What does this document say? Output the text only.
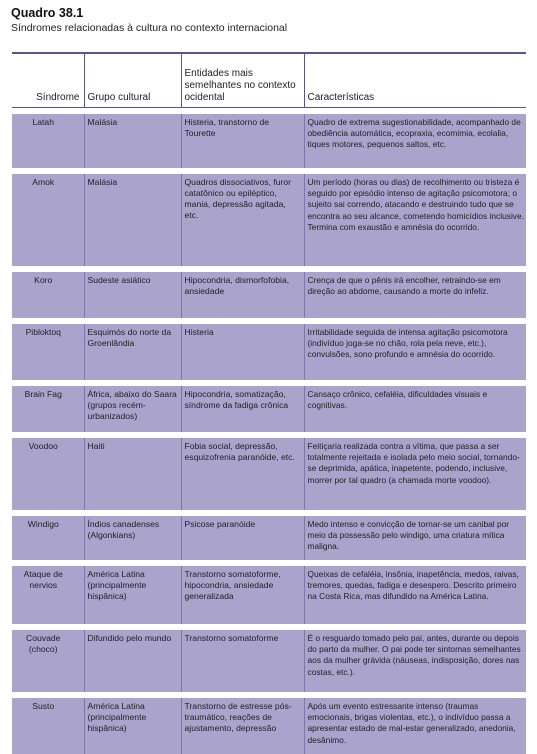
Quadro 38.1
Síndromes relacionadas à cultura no contexto internacional
Síndrome	Grupo cultural	Entidades mais semelhantes no contexto ocidental	Características

Latah	Malásia	Histeria, transtorno de Tourette	Quadro de extrema sugestionabilidade, acompanhado de obediência automática, ecopraxia, ecomimia, ecolalia, tiques motores, pequenos saltos, etc.

Amok	Malásia	Quadros dissociativos, furor catatônico ou epiléptico, mania, depressão agitada, etc.	Um período (horas ou dias) de recolhimento ou tristeza é seguido por episódio intenso de agitação psicomotora; o sujeito sai correndo, atacando e destruindo tudo que se encontra ao seu alcance, cometendo homicídios inclusive. Termina com exaustão e amnésia do ocorrido.

Koro	Sudeste asiático	Hipocondria, dismorfofobia, ansiedade	Crença de que o pênis irá encolher, retraindo-se em direção ao abdome, causando a morte do infeliz.

Pibloktoq	Esquimós do norte da Groenlândia	Histeria	Irritabilidade seguida de intensa agitação psicomotora (indivíduo joga-se no chão, rola pela neve, etc.), convulsões, sono profundo e amnésia do ocorrido.

Brain Fag	África, abaixo do Saara (grupos recém-urbanizados)	Hipocondria, somatização, síndrome da fadiga crônica	Cansaço crônico, cefaléia, dificuldades visuais e cognitivas.

Voodoo	Haiti	Fobia social, depressão, esquizofrenia paranóide, etc.	Feitiçaria realizada contra a vítima, que passa a ser totalmente rejeitada e isolada pelo meio social, tornando-se deprimida, apática, inapetente, podendo, inclusive, morrer por tal quadro (a chamada morte voodoo).

Windigo	Índios canadenses (Algonkians)	Psicose paranóide	Medo intenso e convicção de tornar-se um canibal por meio da possessão pelo windigo, uma criatura mítica maligna.

Ataque de nervios	América Latina (principalmente hispânica)	Transtorno somatoforme, hipocondria, ansiedade generalizada	Queixas de cefaléia, insônia, inapetência, medos, raivas, tremores, quedas, fadiga e desespero. Descrito primeiro na Costa Rica, mas difundido na América Latina.

Couvade (choco)	Difundido pelo mundo	Transtorno somatoforme	É o resguardo tomado pelo pai, antes, durante ou depois do parto da mulher. O pai pode ter sintomas semelhantes aos da mulher grávida (náuseas, indisposição, dores nas costas, etc.).

Susto	América Latina (principalmente hispânica)	Transtorno de estresse pós-traumático, reações de ajustamento, depressão	Após um evento estressante intenso (traumas emocionais, brigas violentas, etc.), o indivíduo passa a apresentar estado de mal-estar generalizado, anedonia, desânimo.
